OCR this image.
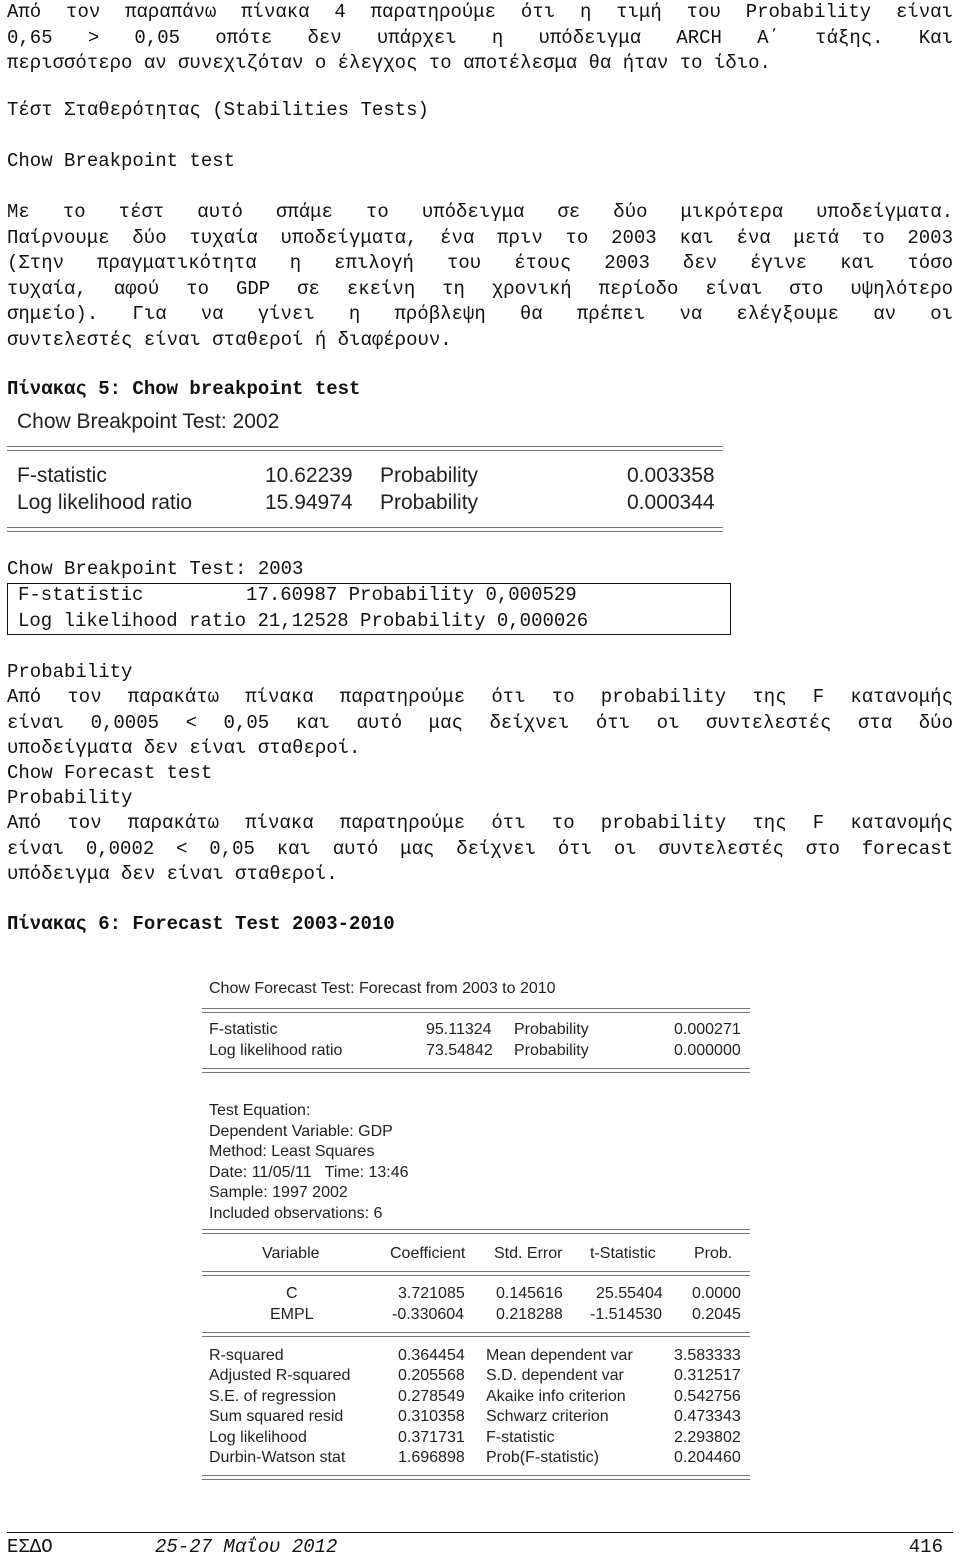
Από τον παραπάνω πίνακα 4 παρατηρούμε ότι η τιμή του Probability είναι
0,65 > 0,05 οπότε δεν υπάρχει η υπόδειγμα ARCH Α΄ τάξης. Και
περισσότερο αν συνεχιζόταν ο έλεγχος το αποτέλεσμα θα ήταν το ίδιο.
Τέστ Σταθερότητας (Stabilities Tests)
Chow Breakpoint test
Με το τέστ αυτό σπάμε το υπόδειγμα σε δύο μικρότερα υποδείγματα.
Παίρνουμε δύο τυχαία υποδείγματα, ένα πριν το 2003 και ένα μετά το 2003
(Στην πραγματικότητα η επιλογή του έτους 2003 δεν έγινε και τόσο
τυχαία, αφού το GDP σε εκείνη τη χρονική περίοδο είναι στο υψηλότερο
σημείο). Για να γίνει η πρόβλεψη θα πρέπει να ελέγξουμε αν οι
συντελεστές είναι σταθεροί ή διαφέρουν.
Πίνακας 5: Chow breakpoint test
Chow Breakpoint Test: 2002
F-statistic	10.62239 Probability	0.003358
Log likelihood ratio	15.94974 Probability	0.000344
Chow Breakpoint Test: 2003
F-statistic         17.60987 Probability 0,000529
Log likelihood ratio 21,12528 Probability 0,000026
Probability
Από τον παρακάτω πίνακα παρατηρούμε ότι το probability της F κατανομής
είναι 0,0005 < 0,05 και αυτό μας δείχνει ότι οι συντελεστές στα δύο
υποδείγματα δεν είναι σταθεροί.
Chow Forecast test
Probability
Από τον παρακάτω πίνακα παρατηρούμε ότι το probability της F κατανομής
είναι 0,0002 < 0,05 και αυτό μας δείχνει ότι οι συντελεστές στο forecast
υπόδειγμα δεν είναι σταθεροί.
Πίνακας 6: Forecast Test 2003-2010
Chow Forecast Test: Forecast from 2003 to 2010
F-statistic	95.11324 Probability	0.000271
Log likelihood ratio	73.54842 Probability	0.000000
Test Equation:
Dependent Variable: GDP
Method: Least Squares
Date: 11/05/11   Time: 13:46
Sample: 1997 2002
Included observations: 6
Variable	Coefficient Std. Error t-Statistic Prob.
C	3.721085 0.145616 25.55404 0.0000
EMPL	-0.330604 0.218288 -1.514530 0.2045
R-squared	0.364454 Mean dependent var	3.583333
Adjusted R-squared	0.205568 S.D. dependent var	0.312517
S.E. of regression	0.278549 Akaike info criterion	0.542756
Sum squared resid	0.310358 Schwarz criterion	0.473343
Log likelihood	0.371731 F-statistic	2.293802
Durbin-Watson stat	1.696898 Prob(F-statistic)	0.204460
ΕΣΔΟ	25-27 Μαΐου 2012	416
